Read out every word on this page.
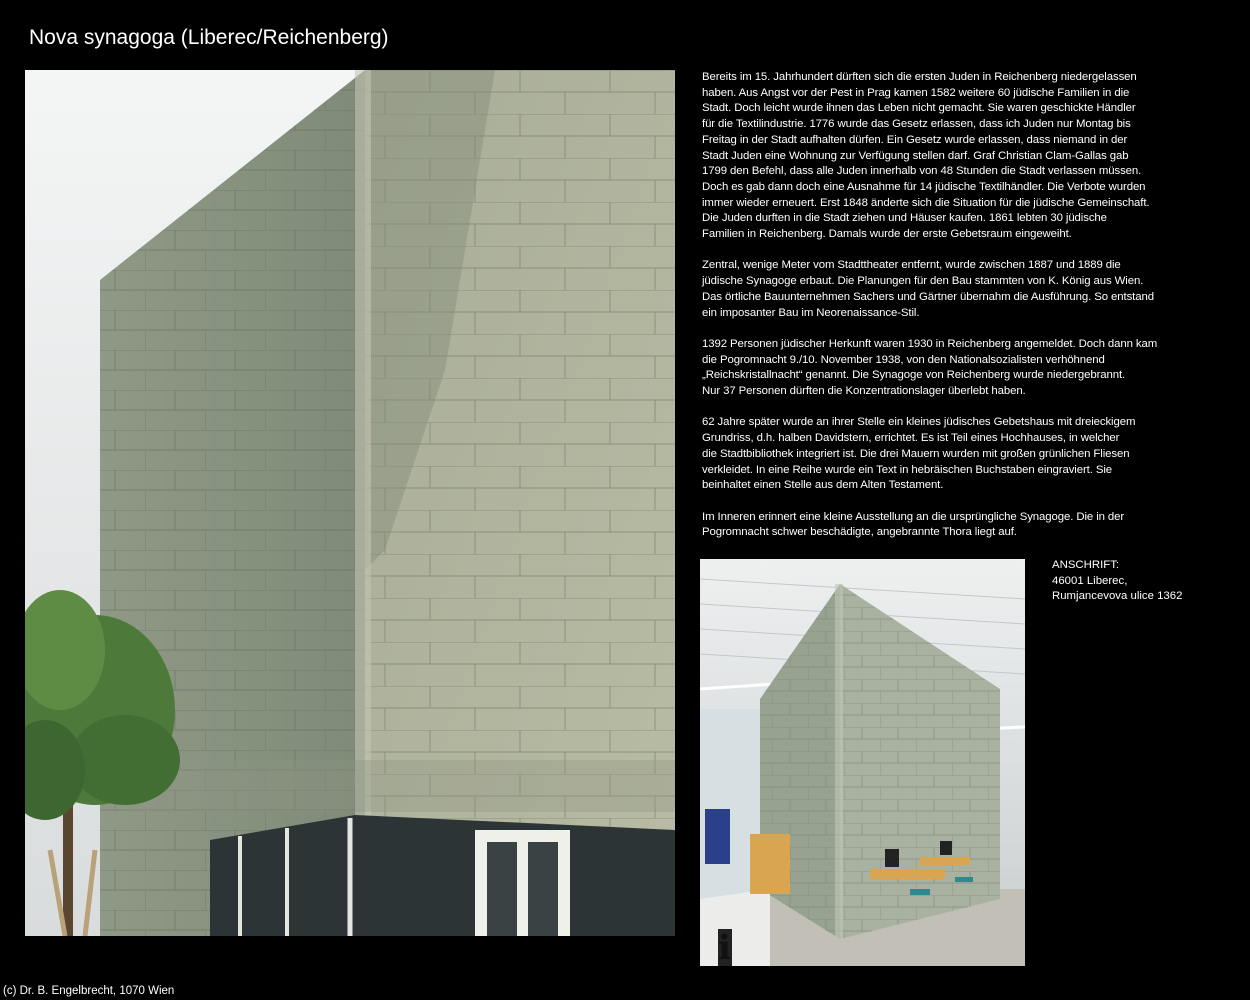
Nova synagoga (Liberec/Reichenberg)

Bereits im 15. Jahrhundert dürften sich die ersten Juden in Reichenberg niedergelassen
haben. Aus Angst vor der Pest in Prag kamen 1582 weitere 60 jüdische Familien in die
Stadt. Doch leicht wurde ihnen das Leben nicht gemacht. Sie waren geschickte Händler
für die Textilindustrie. 1776 wurde das Gesetz erlassen, dass ich Juden nur Montag bis
Freitag in der Stadt aufhalten dürfen. Ein Gesetz wurde erlassen, dass niemand in der
Stadt Juden eine Wohnung zur Verfügung stellen darf. Graf Christian Clam-Gallas gab
1799 den Befehl, dass alle Juden innerhalb von 48 Stunden die Stadt verlassen müssen.
Doch es gab dann doch eine Ausnahme für 14 jüdische Textilhändler. Die Verbote wurden
immer wieder erneuert. Erst 1848 änderte sich die Situation für die jüdische Gemeinschaft.
Die Juden durften in die Stadt ziehen und Häuser kaufen. 1861 lebten 30 jüdische
Familien in Reichenberg. Damals wurde der erste Gebetsraum eingeweiht.

Zentral, wenige Meter vom Stadttheater entfernt, wurde zwischen 1887 und 1889 die
jüdische Synagoge erbaut. Die Planungen für den Bau stammten von K. König aus Wien.
Das örtliche Bauunternehmen Sachers und Gärtner übernahm die Ausführung. So entstand
ein imposanter Bau im Neorenaissance-Stil.

1392 Personen jüdischer Herkunft waren 1930 in Reichenberg angemeldet. Doch dann kam
die Pogromnacht 9./10. November 1938, von den Nationalsozialisten verhöhnend
„Reichskristallnacht“ genannt. Die Synagoge von Reichenberg wurde niedergebrannt.
Nur 37 Personen dürften die Konzentrationslager überlebt haben.

62 Jahre später wurde an ihrer Stelle ein kleines jüdisches Gebetshaus mit dreieckigem
Grundriss, d.h. halben Davidstern, errichtet. Es ist Teil eines Hochhauses, in welcher
die Stadtbibliothek integriert ist. Die drei Mauern wurden mit großen grünlichen Fliesen
verkleidet. In eine Reihe wurde ein Text in hebräischen Buchstaben eingraviert. Sie
beinhaltet einen Stelle aus dem Alten Testament.

Im Inneren erinnert eine kleine Ausstellung an die ursprüngliche Synagoge. Die in der
Pogromnacht schwer beschädigte, angebrannte Thora liegt auf.

i
ANSCHRIFT:
46001 Liberec,
Rumjancevova ulice 1362
(c) Dr. B. Engelbrecht, 1070 Wien
